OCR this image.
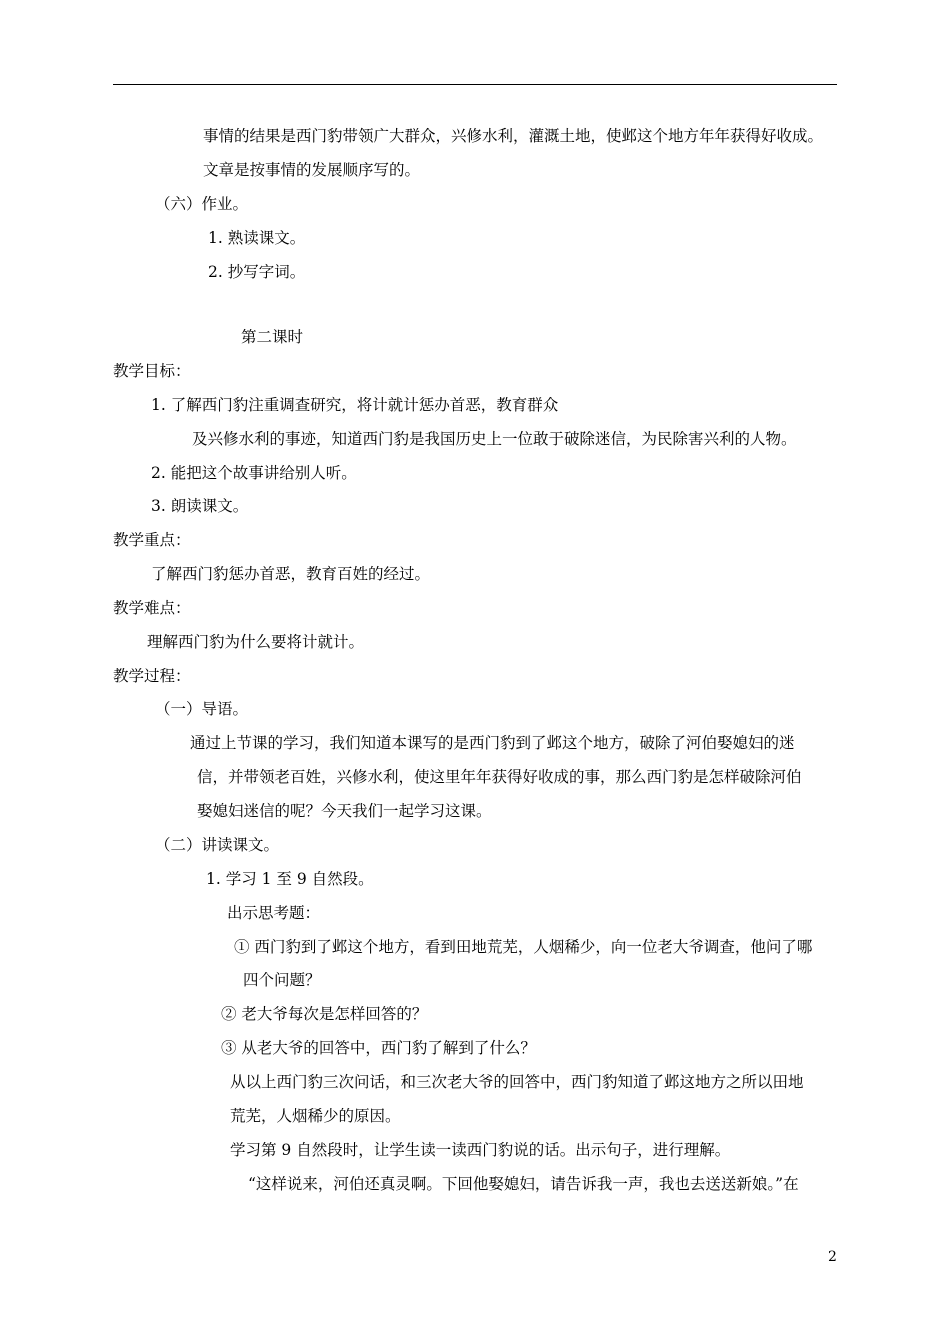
事情的结果是西门豹带领广大群众，兴修水利，灌溉土地，使邺这个地方年年获得好收成。
文章是按事情的发展顺序写的。
（六）作业。
1. 熟读课文。
2. 抄写字词。
第二课时
教学目标：
1. 了解西门豹注重调查研究，将计就计惩办首恶，教育群众
及兴修水利的事迹，知道西门豹是我国历史上一位敢于破除迷信，为民除害兴利的人物。
2. 能把这个故事讲给别人听。
3. 朗读课文。
教学重点：
了解西门豹惩办首恶，教育百姓的经过。
教学难点：
理解西门豹为什么要将计就计。
教学过程：
（一）导语。
通过上节课的学习，我们知道本课写的是西门豹到了邺这个地方，破除了河伯娶媳妇的迷
信，并带领老百姓，兴修水利，使这里年年获得好收成的事，那么西门豹是怎样破除河伯
娶媳妇迷信的呢？今天我们一起学习这课。
（二）讲读课文。
1. 学习 1 至 9 自然段。
出示思考题：
① 西门豹到了邺这个地方，看到田地荒芜，人烟稀少，向一位老大爷调查，他问了哪
四个问题？
② 老大爷每次是怎样回答的？
③ 从老大爷的回答中，西门豹了解到了什么？
从以上西门豹三次问话，和三次老大爷的回答中，西门豹知道了邺这地方之所以田地
荒芜，人烟稀少的原因。
学习第 9 自然段时，让学生读一读西门豹说的话。出示句子，进行理解。
“这样说来，河伯还真灵啊。下回他娶媳妇，请告诉我一声，我也去送送新娘。”在
2
